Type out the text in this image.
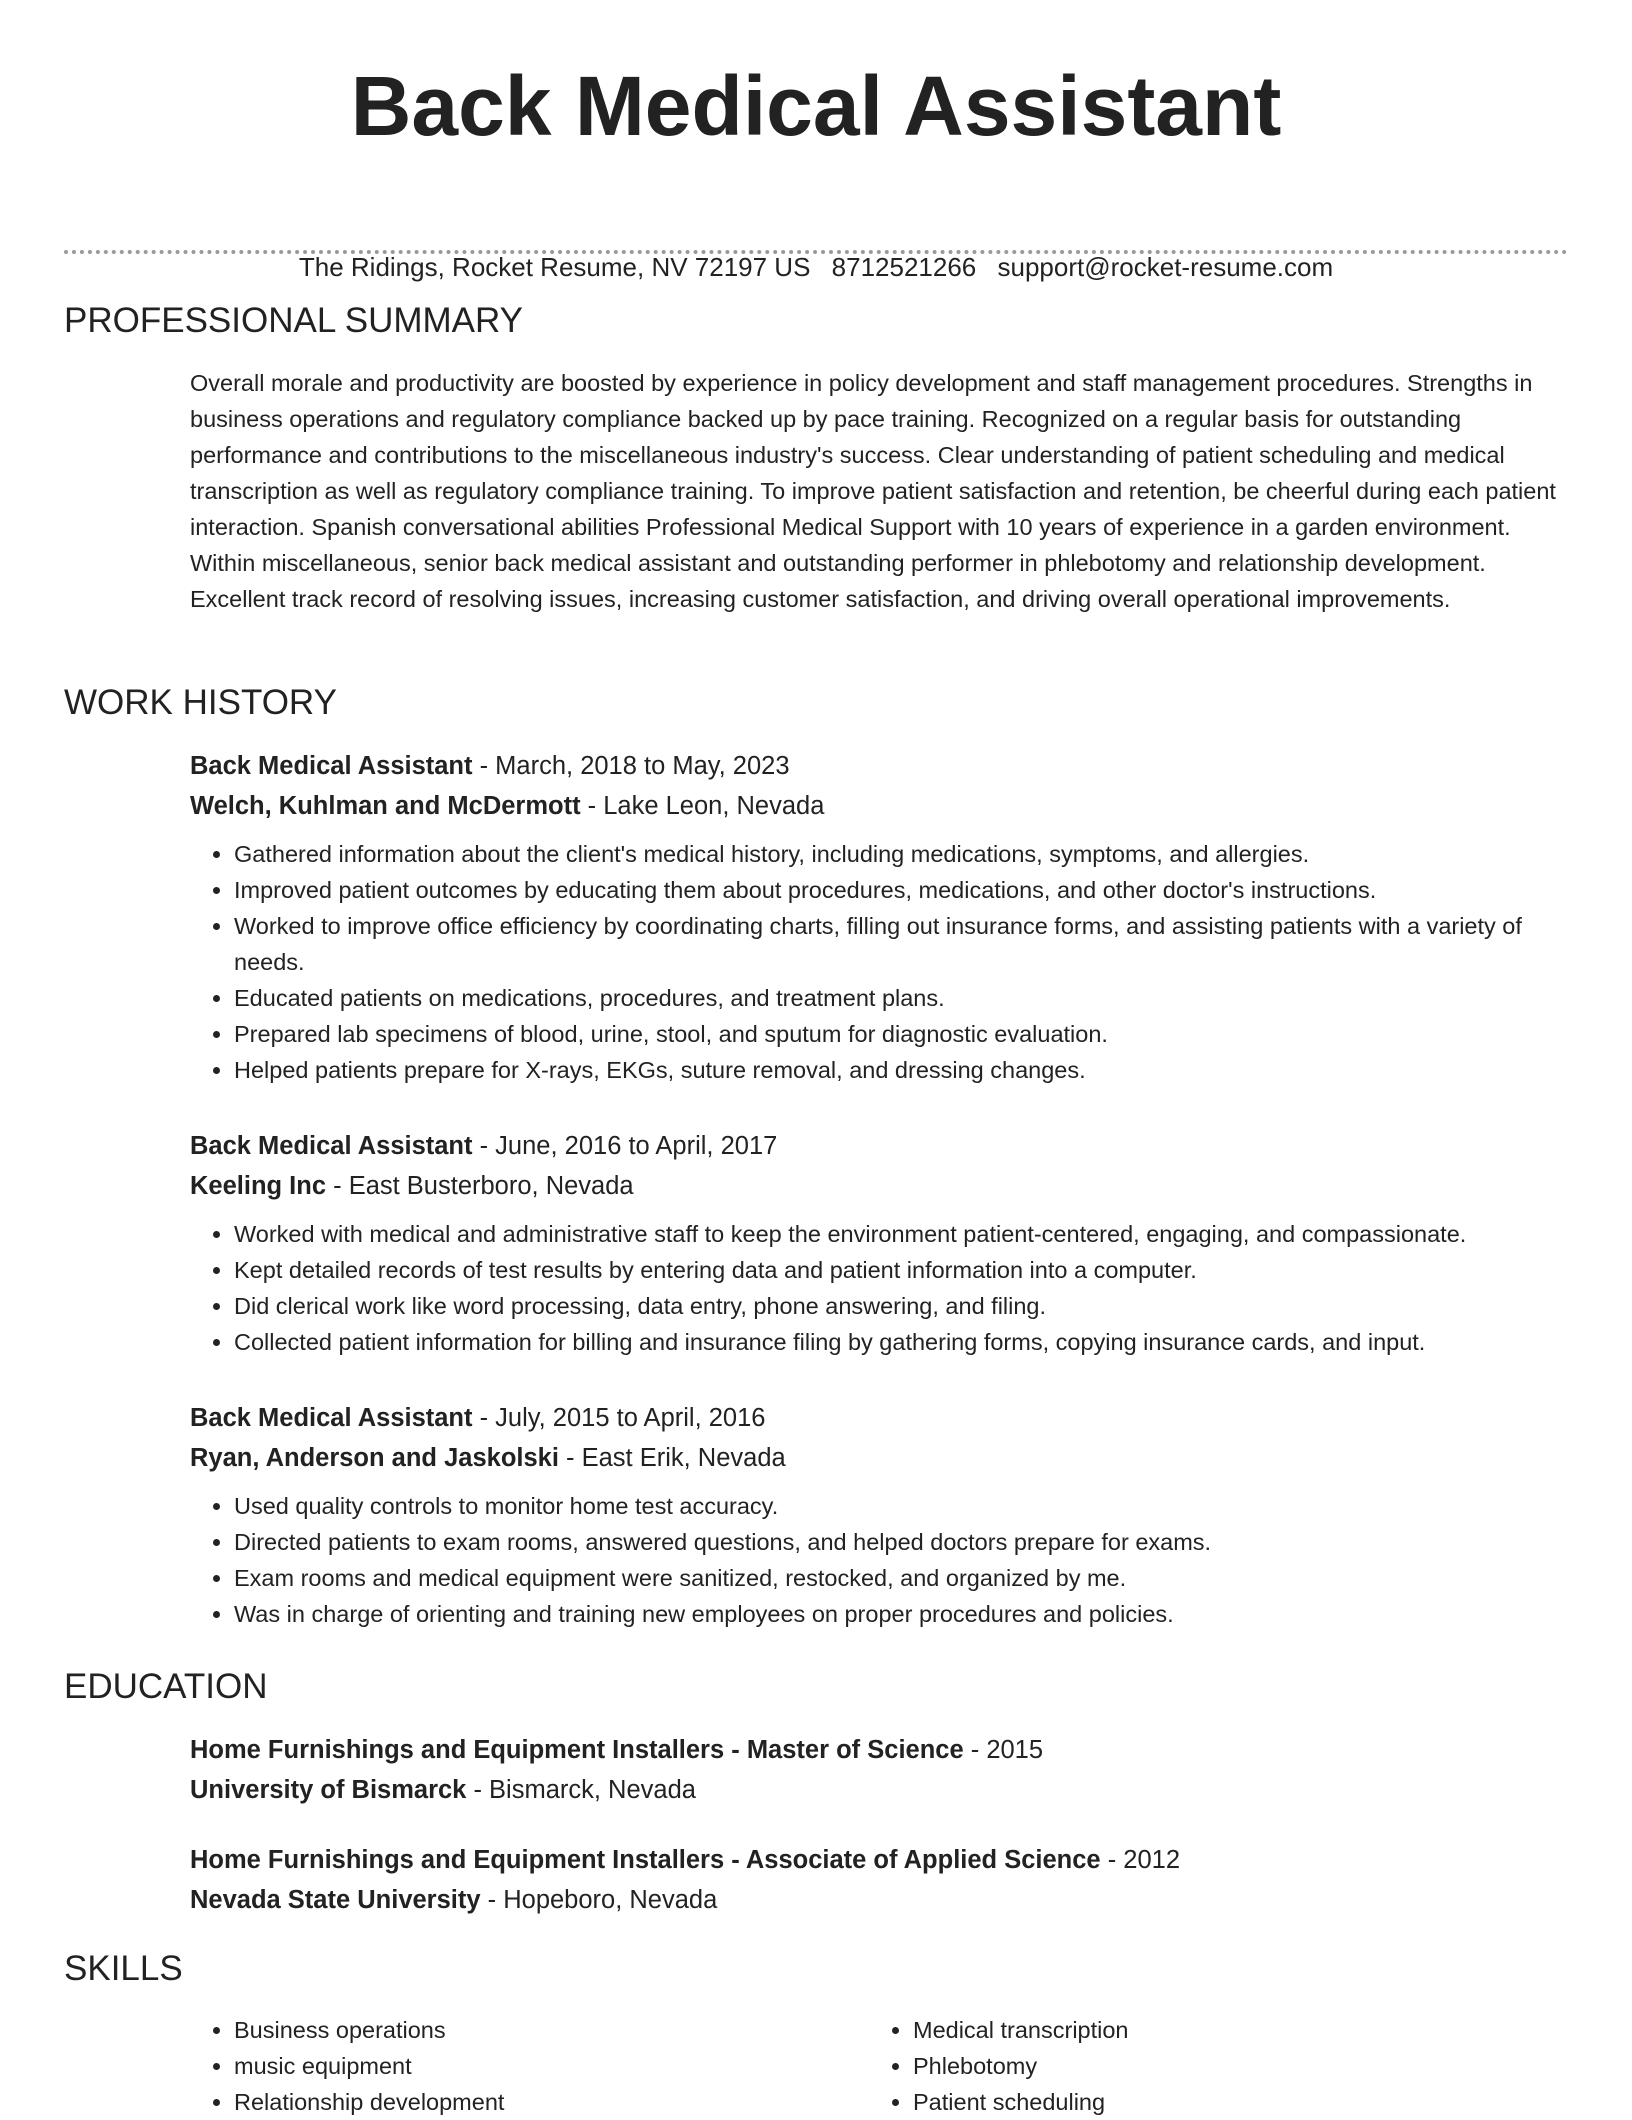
Back Medical Assistant
The Ridings, Rocket Resume, NV 72197 US 8712521266 support@rocket-resume.com
PROFESSIONAL SUMMARY
Overall morale and productivity are boosted by experience in policy development and staff management procedures. Strengths in business operations and regulatory compliance backed up by pace training. Recognized on a regular basis for outstanding performance and contributions to the miscellaneous industry's success. Clear understanding of patient scheduling and medical transcription as well as regulatory compliance training. To improve patient satisfaction and retention, be cheerful during each patient interaction. Spanish conversational abilities Professional Medical Support with 10 years of experience in a garden environment. Within miscellaneous, senior back medical assistant and outstanding performer in phlebotomy and relationship development. Excellent track record of resolving issues, increasing customer satisfaction, and driving overall operational improvements.
WORK HISTORY
Back Medical Assistant - March, 2018 to May, 2023
Welch, Kuhlman and McDermott - Lake Leon, Nevada
• Gathered information about the client's medical history, including medications, symptoms, and allergies.
• Improved patient outcomes by educating them about procedures, medications, and other doctor's instructions.
• Worked to improve office efficiency by coordinating charts, filling out insurance forms, and assisting patients with a variety of needs.
• Educated patients on medications, procedures, and treatment plans.
• Prepared lab specimens of blood, urine, stool, and sputum for diagnostic evaluation.
• Helped patients prepare for X-rays, EKGs, suture removal, and dressing changes.
Back Medical Assistant - June, 2016 to April, 2017
Keeling Inc - East Busterboro, Nevada
• Worked with medical and administrative staff to keep the environment patient-centered, engaging, and compassionate.
• Kept detailed records of test results by entering data and patient information into a computer.
• Did clerical work like word processing, data entry, phone answering, and filing.
• Collected patient information for billing and insurance filing by gathering forms, copying insurance cards, and input.
Back Medical Assistant - July, 2015 to April, 2016
Ryan, Anderson and Jaskolski - East Erik, Nevada
• Used quality controls to monitor home test accuracy.
• Directed patients to exam rooms, answered questions, and helped doctors prepare for exams.
• Exam rooms and medical equipment were sanitized, restocked, and organized by me.
• Was in charge of orienting and training new employees on proper procedures and policies.
EDUCATION
Home Furnishings and Equipment Installers - Master of Science - 2015
University of Bismarck - Bismarck, Nevada
Home Furnishings and Equipment Installers - Associate of Applied Science - 2012
Nevada State University - Hopeboro, Nevada
SKILLS
• Business operations
• music equipment
• Relationship development
• Medical transcription
• Phlebotomy
• Patient scheduling
